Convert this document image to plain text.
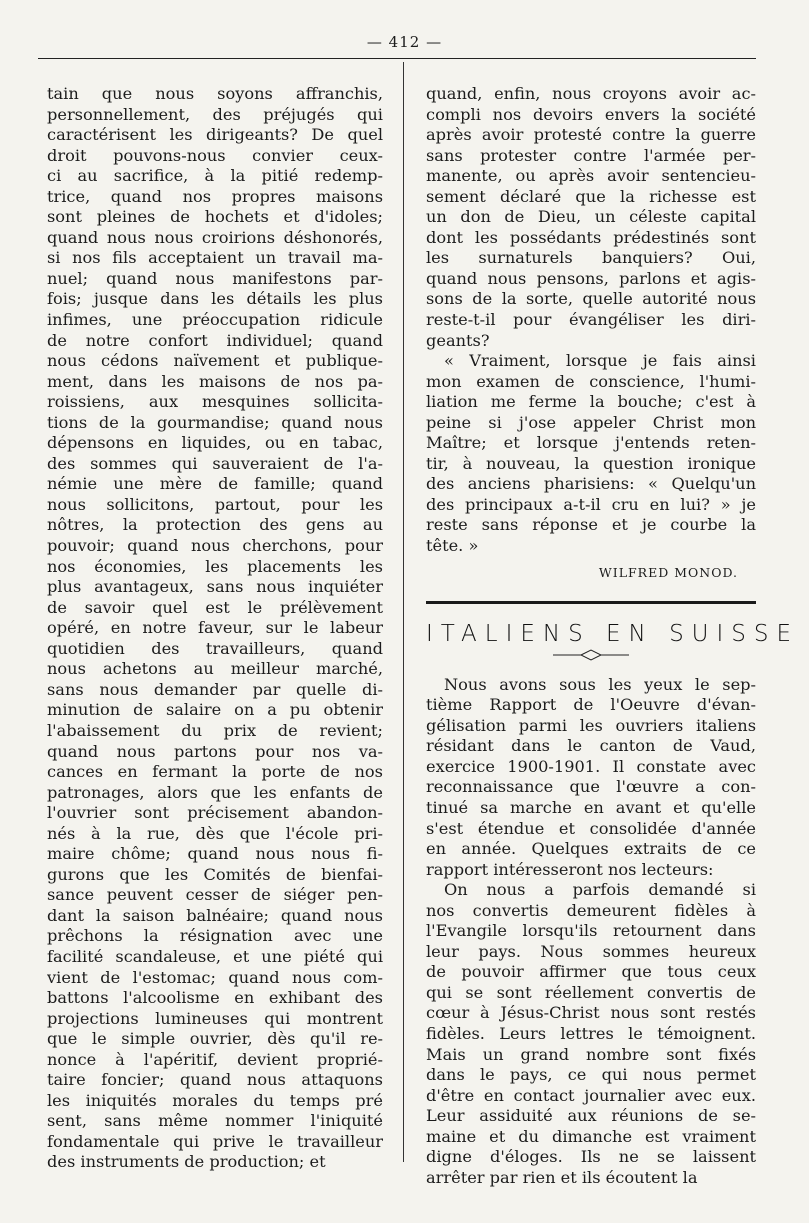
— 412 —
tain que nous soyons affranchis,
personnellement, des préjugés qui
caractérisent les dirigeants? De quel
droit pouvons-nous convier ceux-
ci au sacrifice, à la pitié redemp-
trice, quand nos propres maisons
sont pleines de hochets et d'idoles;
quand nous nous croirions déshonorés,
si nos fils acceptaient un travail ma-
nuel; quand nous manifestons par-
fois; jusque dans les détails les plus
infimes, une préoccupation ridicule
de notre confort individuel; quand
nous cédons naïvement et publique-
ment, dans les maisons de nos pa-
roissiens, aux mesquines sollicita-
tions de la gourmandise; quand nous
dépensons en liquides, ou en tabac,
des sommes qui sauveraient de l'a-
némie une mère de famille; quand
nous sollicitons, partout, pour les
nôtres, la protection des gens au
pouvoir; quand nous cherchons, pour
nos économies, les placements les
plus avantageux, sans nous inquiéter
de savoir quel est le prélèvement
opéré, en notre faveur, sur le labeur
quotidien des travailleurs, quand
nous achetons au meilleur marché,
sans nous demander par quelle di-
minution de salaire on a pu obtenir
l'abaissement du prix de revient;
quand nous partons pour nos va-
cances en fermant la porte de nos
patronages, alors que les enfants de
l'ouvrier sont précisement abandon-
nés à la rue, dès que l'école pri-
maire chôme; quand nous nous fi-
gurons que les Comités de bienfai-
sance peuvent cesser de siéger pen-
dant la saison balnéaire; quand nous
prêchons la résignation avec une
facilité scandaleuse, et une piété qui
vient de l'estomac; quand nous com-
battons l'alcoolisme en exhibant des
projections lumineuses qui montrent
que le simple ouvrier, dès qu'il re-
nonce à l'apéritif, devient proprié-
taire foncier; quand nous attaquons
les iniquités morales du temps pré
sent, sans même nommer l'iniquité
fondamentale qui prive le travailleur
des instruments de production; et
quand, enfin, nous croyons avoir ac-
compli nos devoirs envers la société
après avoir protesté contre la guerre
sans protester contre l'armée per-
manente, ou après avoir sentencieu-
sement déclaré que la richesse est
un don de Dieu, un céleste capital
dont les possédants prédestinés sont
les surnaturels banquiers? Oui,
quand nous pensons, parlons et agis-
sons de la sorte, quelle autorité nous
reste-t-il pour évangéliser les diri-
geants?
« Vraiment, lorsque je fais ainsi
mon examen de conscience, l'humi-
liation me ferme la bouche; c'est à
peine si j'ose appeler Christ mon
Maître; et lorsque j'entends reten-
tir, à nouveau, la question ironique
des anciens pharisiens: « Quelqu'un
des principaux a-t-il cru en lui? » je
reste sans réponse et je courbe la
tête. »
WILFRED MONOD.
ITALIENS EN SUISSE
Nous avons sous les yeux le sep-
tième Rapport de l'Oeuvre d'évan-
gélisation parmi les ouvriers italiens
résidant dans le canton de Vaud,
exercice 1900-1901. Il constate avec
reconnaissance que l'œuvre a con-
tinué sa marche en avant et qu'elle
s'est étendue et consolidée d'année
en année. Quelques extraits de ce
rapport intéresseront nos lecteurs:
On nous a parfois demandé si
nos convertis demeurent fidèles à
l'Evangile lorsqu'ils retournent dans
leur pays. Nous sommes heureux
de pouvoir affirmer que tous ceux
qui se sont réellement convertis de
cœur à Jésus-Christ nous sont restés
fidèles. Leurs lettres le témoignent.
Mais un grand nombre sont fixés
dans le pays, ce qui nous permet
d'être en contact journalier avec eux.
Leur assiduité aux réunions de se-
maine et du dimanche est vraiment
digne d'éloges. Ils ne se laissent
arrêter par rien et ils écoutent la
